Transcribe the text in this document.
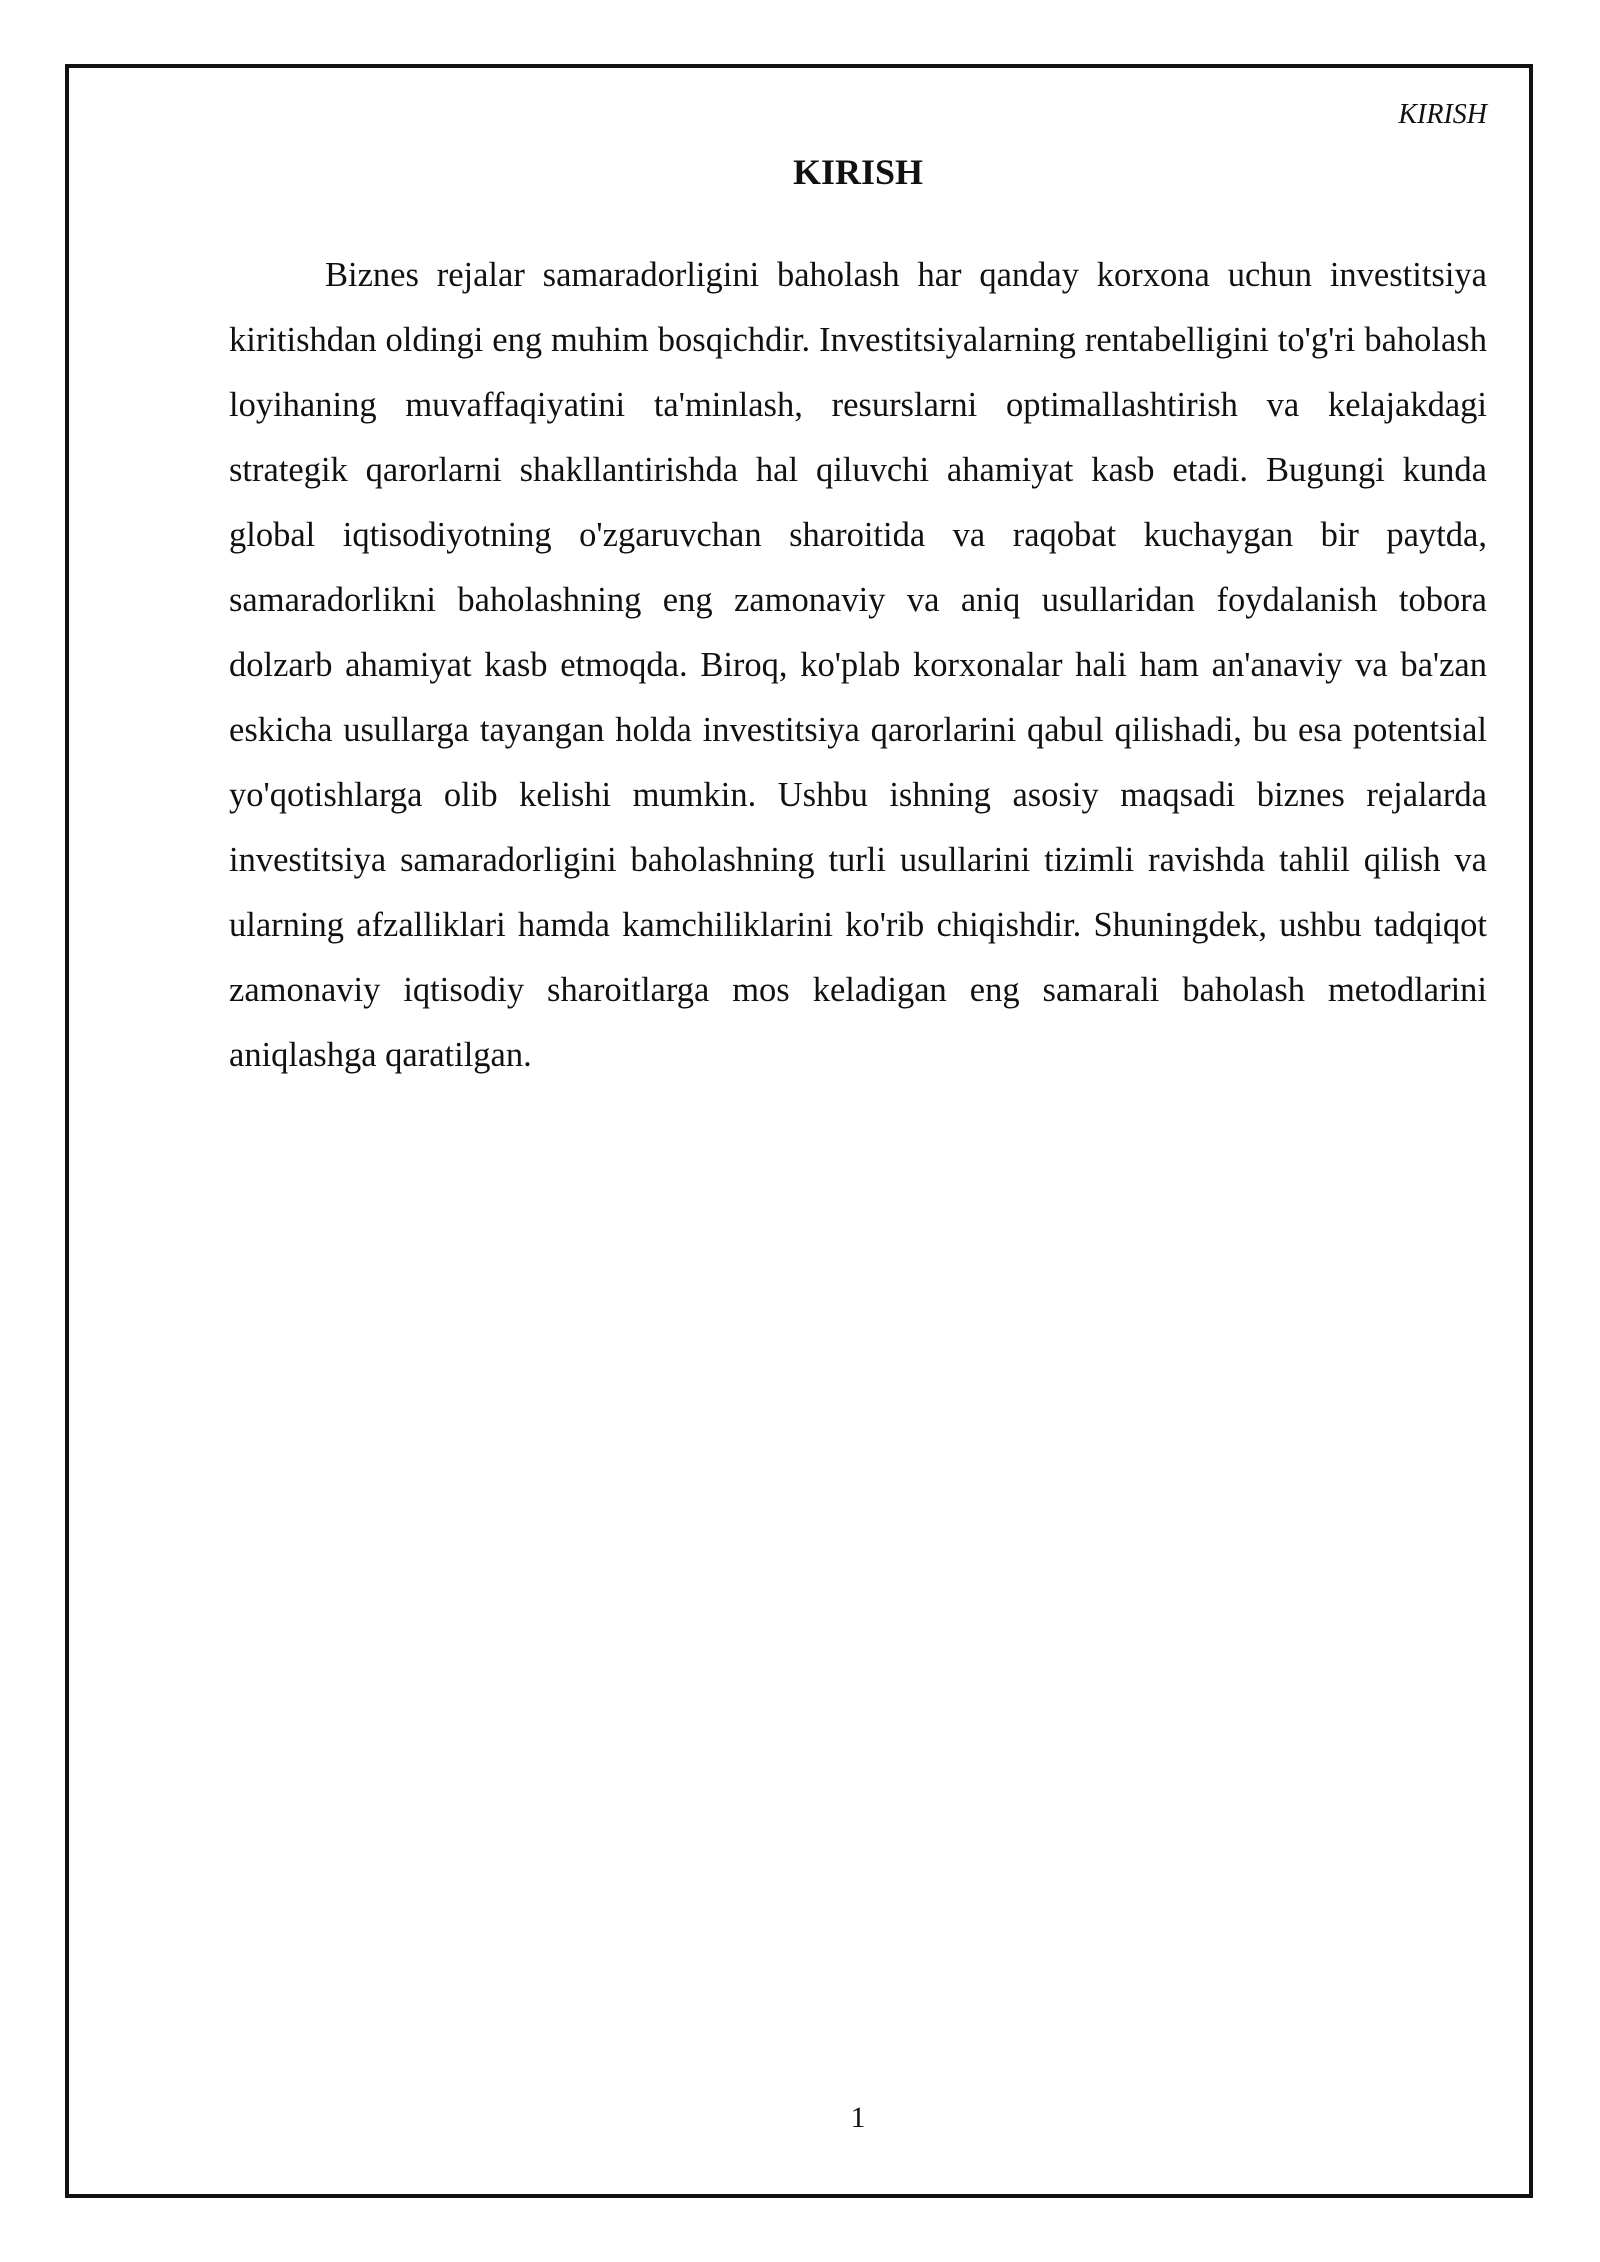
KIRISH
KIRISH

Biznes rejalar samaradorligini baholash har qanday korxona uchun investitsiya kiritishdan oldingi eng muhim bosqichdir. Investitsiyalarning rentabelligini to'g'ri baholash loyihaning muvaffaqiyatini ta'minlash, resurslarni optimallashtirish va kelajakdagi strategik qarorlarni shakllantirishda hal qiluvchi ahamiyat kasb etadi. Bugungi kunda global iqtisodiyotning o'zgaruvchan sharoitida va raqobat kuchaygan bir paytda, samaradorlikni baholashning eng zamonaviy va aniq usullaridan foydalanish tobora dolzarb ahamiyat kasb etmoqda. Biroq, ko'plab korxonalar hali ham an'anaviy va ba'zan eskicha usullarga tayangan holda investitsiya qarorlarini qabul qilishadi, bu esa potentsial yo'qotishlarga olib kelishi mumkin. Ushbu ishning asosiy maqsadi biznes rejalarda investitsiya samaradorligini baholashning turli usullarini tizimli ravishda tahlil qilish va ularning afzalliklari hamda kamchiliklarini ko'rib chiqishdir. Shuningdek, ushbu tadqiqot zamonaviy iqtisodiy sharoitlarga mos keladigan eng samarali baholash metodlarini aniqlashga qaratilgan.

1
